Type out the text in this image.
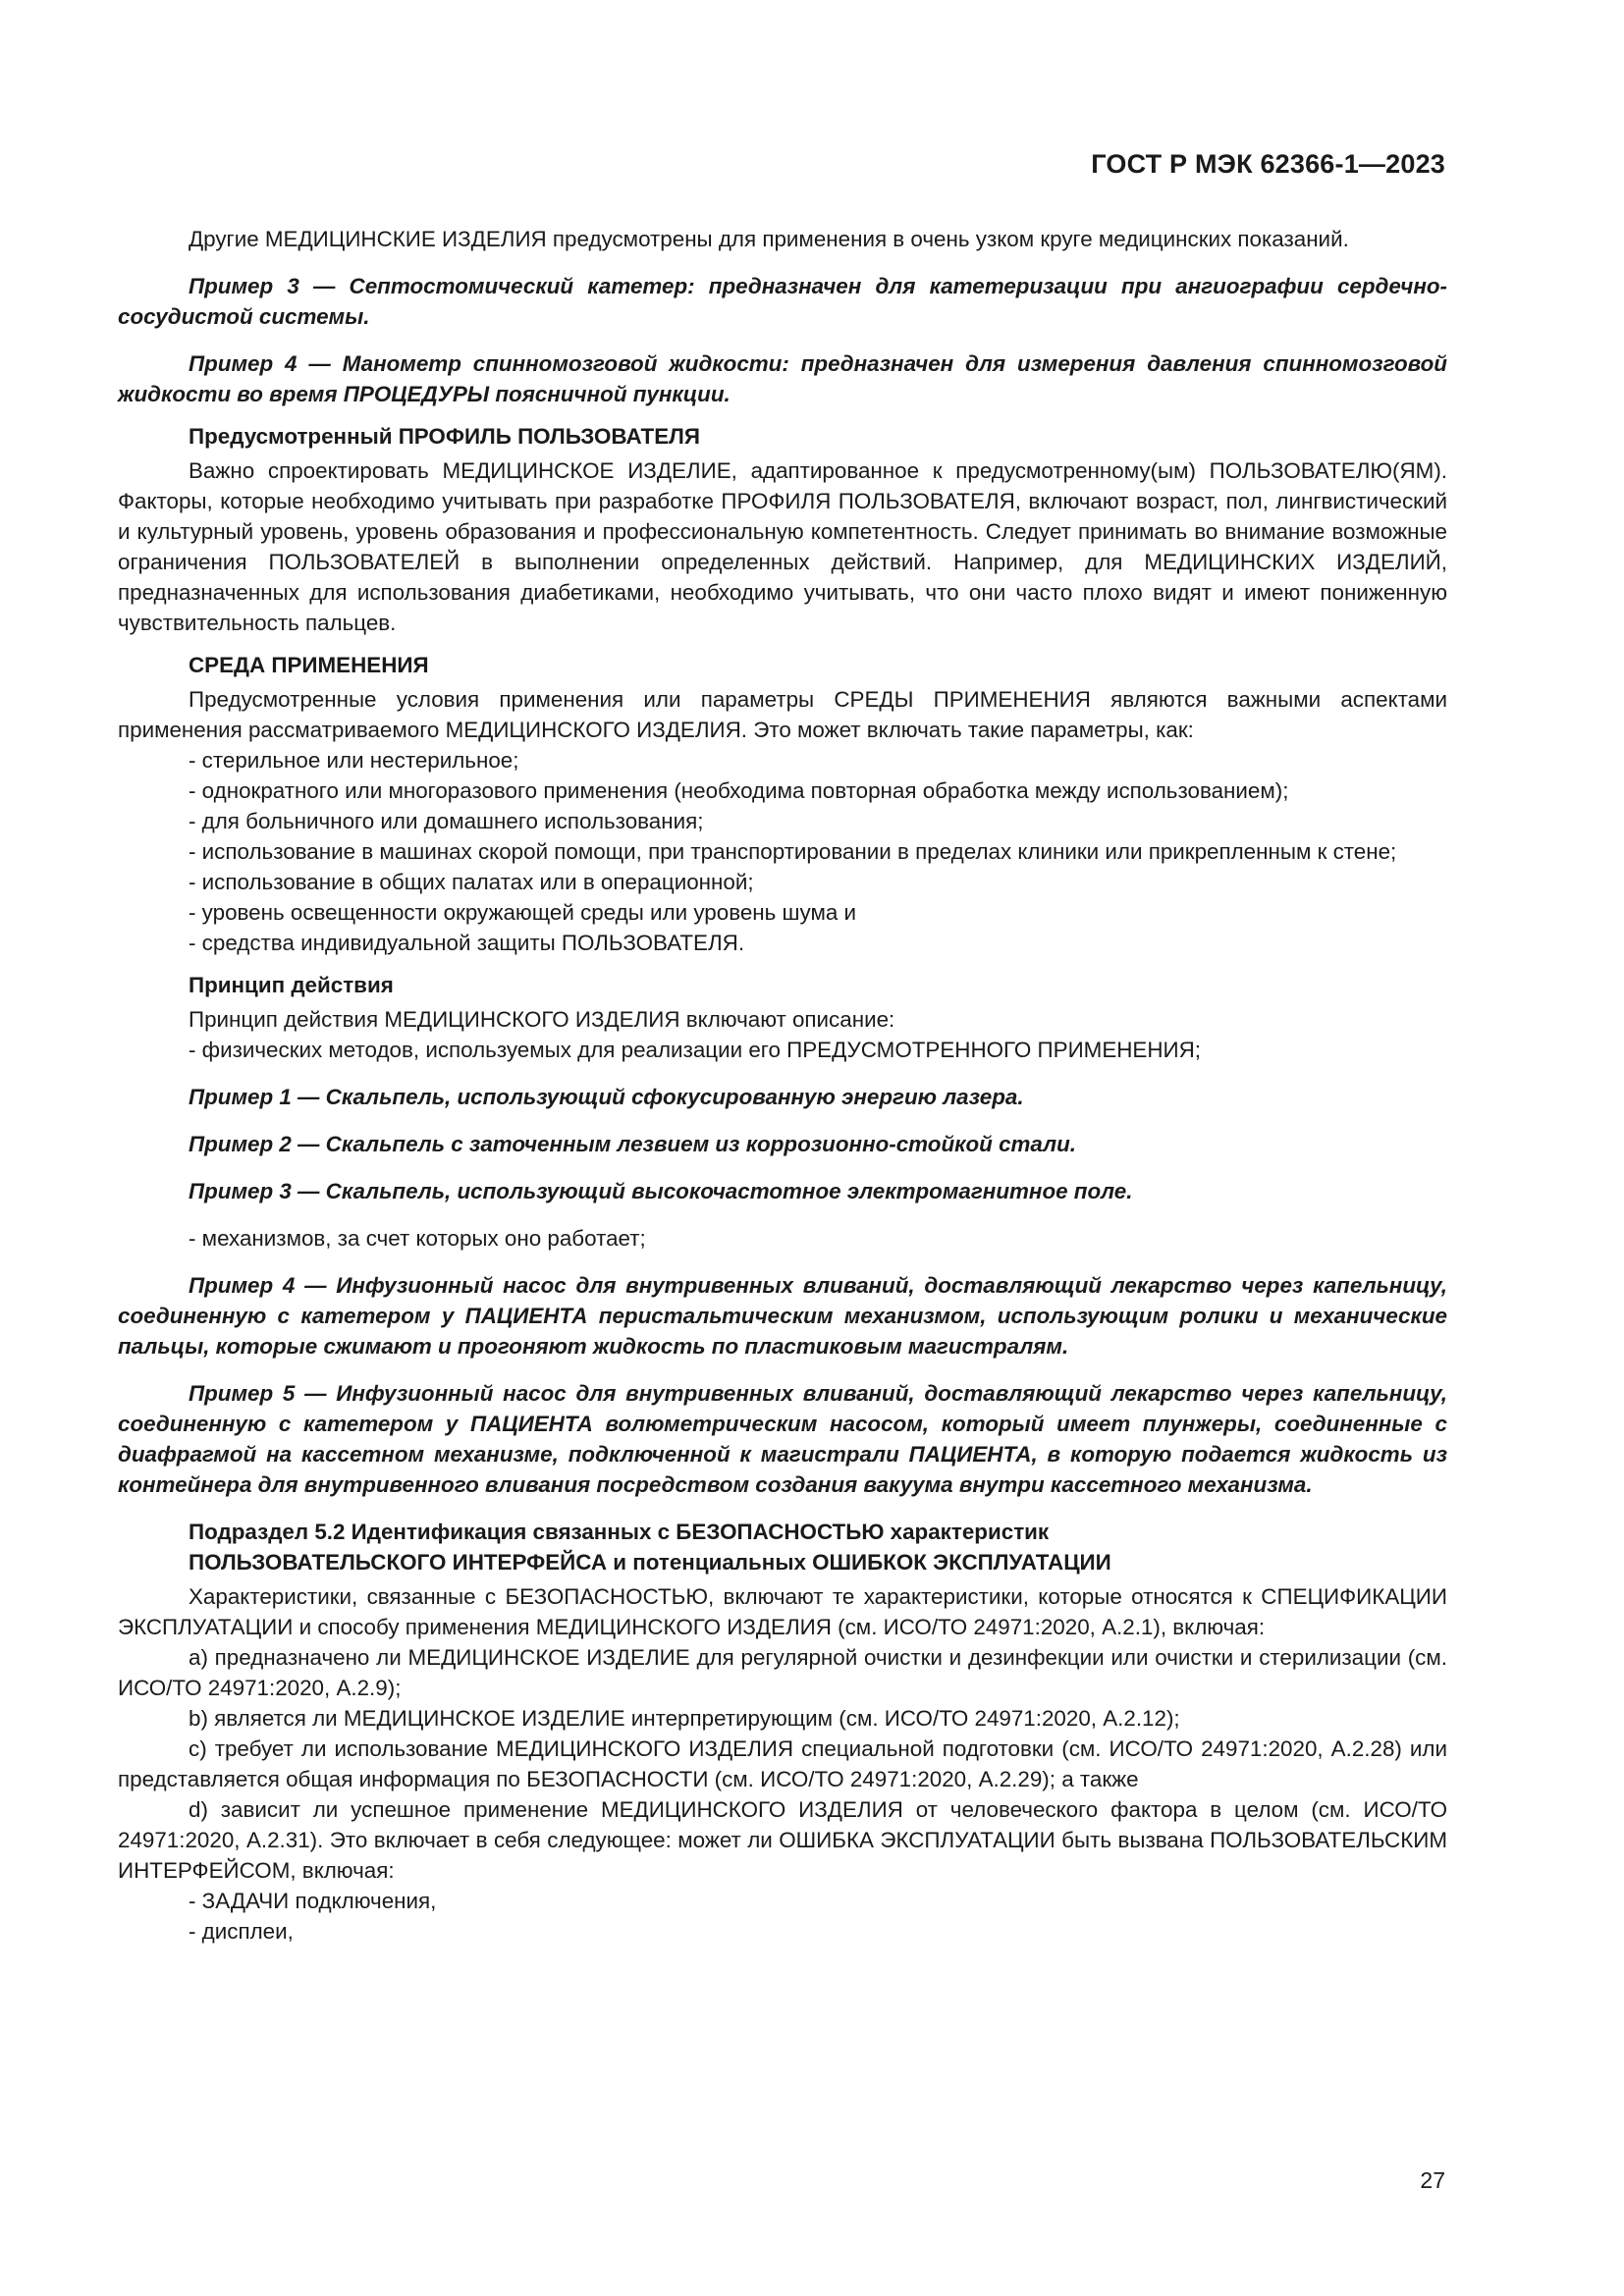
ГОСТ Р МЭК 62366-1—2023

Другие МЕДИЦИНСКИЕ ИЗДЕЛИЯ предусмотрены для применения в очень узком круге медицинских показаний.

Пример 3 — Септостомический катетер: предназначен для катетеризации при ангиографии сердечно-сосудистой системы.

Пример 4 — Манометр спинномозговой жидкости: предназначен для измерения давления спинномозговой жидкости во время ПРОЦЕДУРЫ поясничной пункции.

Предусмотренный ПРОФИЛЬ ПОЛЬЗОВАТЕЛЯ

Важно спроектировать МЕДИЦИНСКОЕ ИЗДЕЛИЕ, адаптированное к предусмотренному(ым) ПОЛЬЗОВАТЕЛЮ(ЯМ). Факторы, которые необходимо учитывать при разработке ПРОФИЛЯ ПОЛЬЗОВАТЕЛЯ, включают возраст, пол, лингвистический и культурный уровень, уровень образования и профессиональную компетентность. Следует принимать во внимание возможные ограничения ПОЛЬЗОВАТЕЛЕЙ в выполнении определенных действий. Например, для МЕДИЦИНСКИХ ИЗДЕЛИЙ, предназначенных для использования диабетиками, необходимо учитывать, что они часто плохо видят и имеют пониженную чувствительность пальцев.

СРЕДА ПРИМЕНЕНИЯ

Предусмотренные условия применения или параметры СРЕДЫ ПРИМЕНЕНИЯ являются важными аспектами применения рассматриваемого МЕДИЦИНСКОГО ИЗДЕЛИЯ. Это может включать такие параметры, как:

- стерильное или нестерильное;

- однократного или многоразового применения (необходима повторная обработка между использованием);

- для больничного или домашнего использования;

- использование в машинах скорой помощи, при транспортировании в пределах клиники или прикрепленным к стене;

- использование в общих палатах или в операционной;

- уровень освещенности окружающей среды или уровень шума и

- средства индивидуальной защиты ПОЛЬЗОВАТЕЛЯ.

Принцип действия

Принцип действия МЕДИЦИНСКОГО ИЗДЕЛИЯ включают описание:

- физических методов, используемых для реализации его ПРЕДУСМОТРЕННОГО ПРИМЕНЕНИЯ;

Пример 1 — Скальпель, использующий сфокусированную энергию лазера.

Пример 2 — Скальпель с заточенным лезвием из коррозионно-стойкой стали.

Пример 3 — Скальпель, использующий высокочастотное электромагнитное поле.

- механизмов, за счет которых оно работает;

Пример 4 — Инфузионный насос для внутривенных вливаний, доставляющий лекарство через капельницу, соединенную с катетером у ПАЦИЕНТА перистальтическим механизмом, использующим ролики и механические пальцы, которые сжимают и прогоняют жидкость по пластиковым магистралям.

Пример 5 — Инфузионный насос для внутривенных вливаний, доставляющий лекарство через капельницу, соединенную с катетером у ПАЦИЕНТА волюметрическим насосом, который имеет плунжеры, соединенные с диафрагмой на кассетном механизме, подключенной к магистрали ПАЦИЕНТА, в которую подается жидкость из контейнера для внутривенного вливания посредством создания вакуума внутри кассетного механизма.

Подраздел 5.2 Идентификация связанных с БЕЗОПАСНОСТЬЮ характеристик

ПОЛЬЗОВАТЕЛЬСКОГО ИНТЕРФЕЙСА и потенциальных ОШИБКОК ЭКСПЛУАТАЦИИ

Характеристики, связанные с БЕЗОПАСНОСТЬЮ, включают те характеристики, которые относятся к СПЕЦИФИКАЦИИ ЭКСПЛУАТАЦИИ и способу применения МЕДИЦИНСКОГО ИЗДЕЛИЯ (см. ИСО/ТО 24971:2020, А.2.1), включая:

a) предназначено ли МЕДИЦИНСКОЕ ИЗДЕЛИЕ для регулярной очистки и дезинфекции или очистки и стерилизации (см. ИСО/ТО 24971:2020, А.2.9);

b) является ли МЕДИЦИНСКОЕ ИЗДЕЛИЕ интерпретирующим (см. ИСО/ТО 24971:2020, А.2.12);

c) требует ли использование МЕДИЦИНСКОГО ИЗДЕЛИЯ специальной подготовки (см. ИСО/ТО 24971:2020, А.2.28) или представляется общая информация по БЕЗОПАСНОСТИ (см. ИСО/ТО 24971:2020, А.2.29); а также

d) зависит ли успешное применение МЕДИЦИНСКОГО ИЗДЕЛИЯ от человеческого фактора в целом (см. ИСО/ТО 24971:2020, А.2.31). Это включает в себя следующее: может ли ОШИБКА ЭКСПЛУАТАЦИИ быть вызвана ПОЛЬЗОВАТЕЛЬСКИМ ИНТЕРФЕЙСОМ, включая:

- ЗАДАЧИ подключения,

- дисплеи,

27
